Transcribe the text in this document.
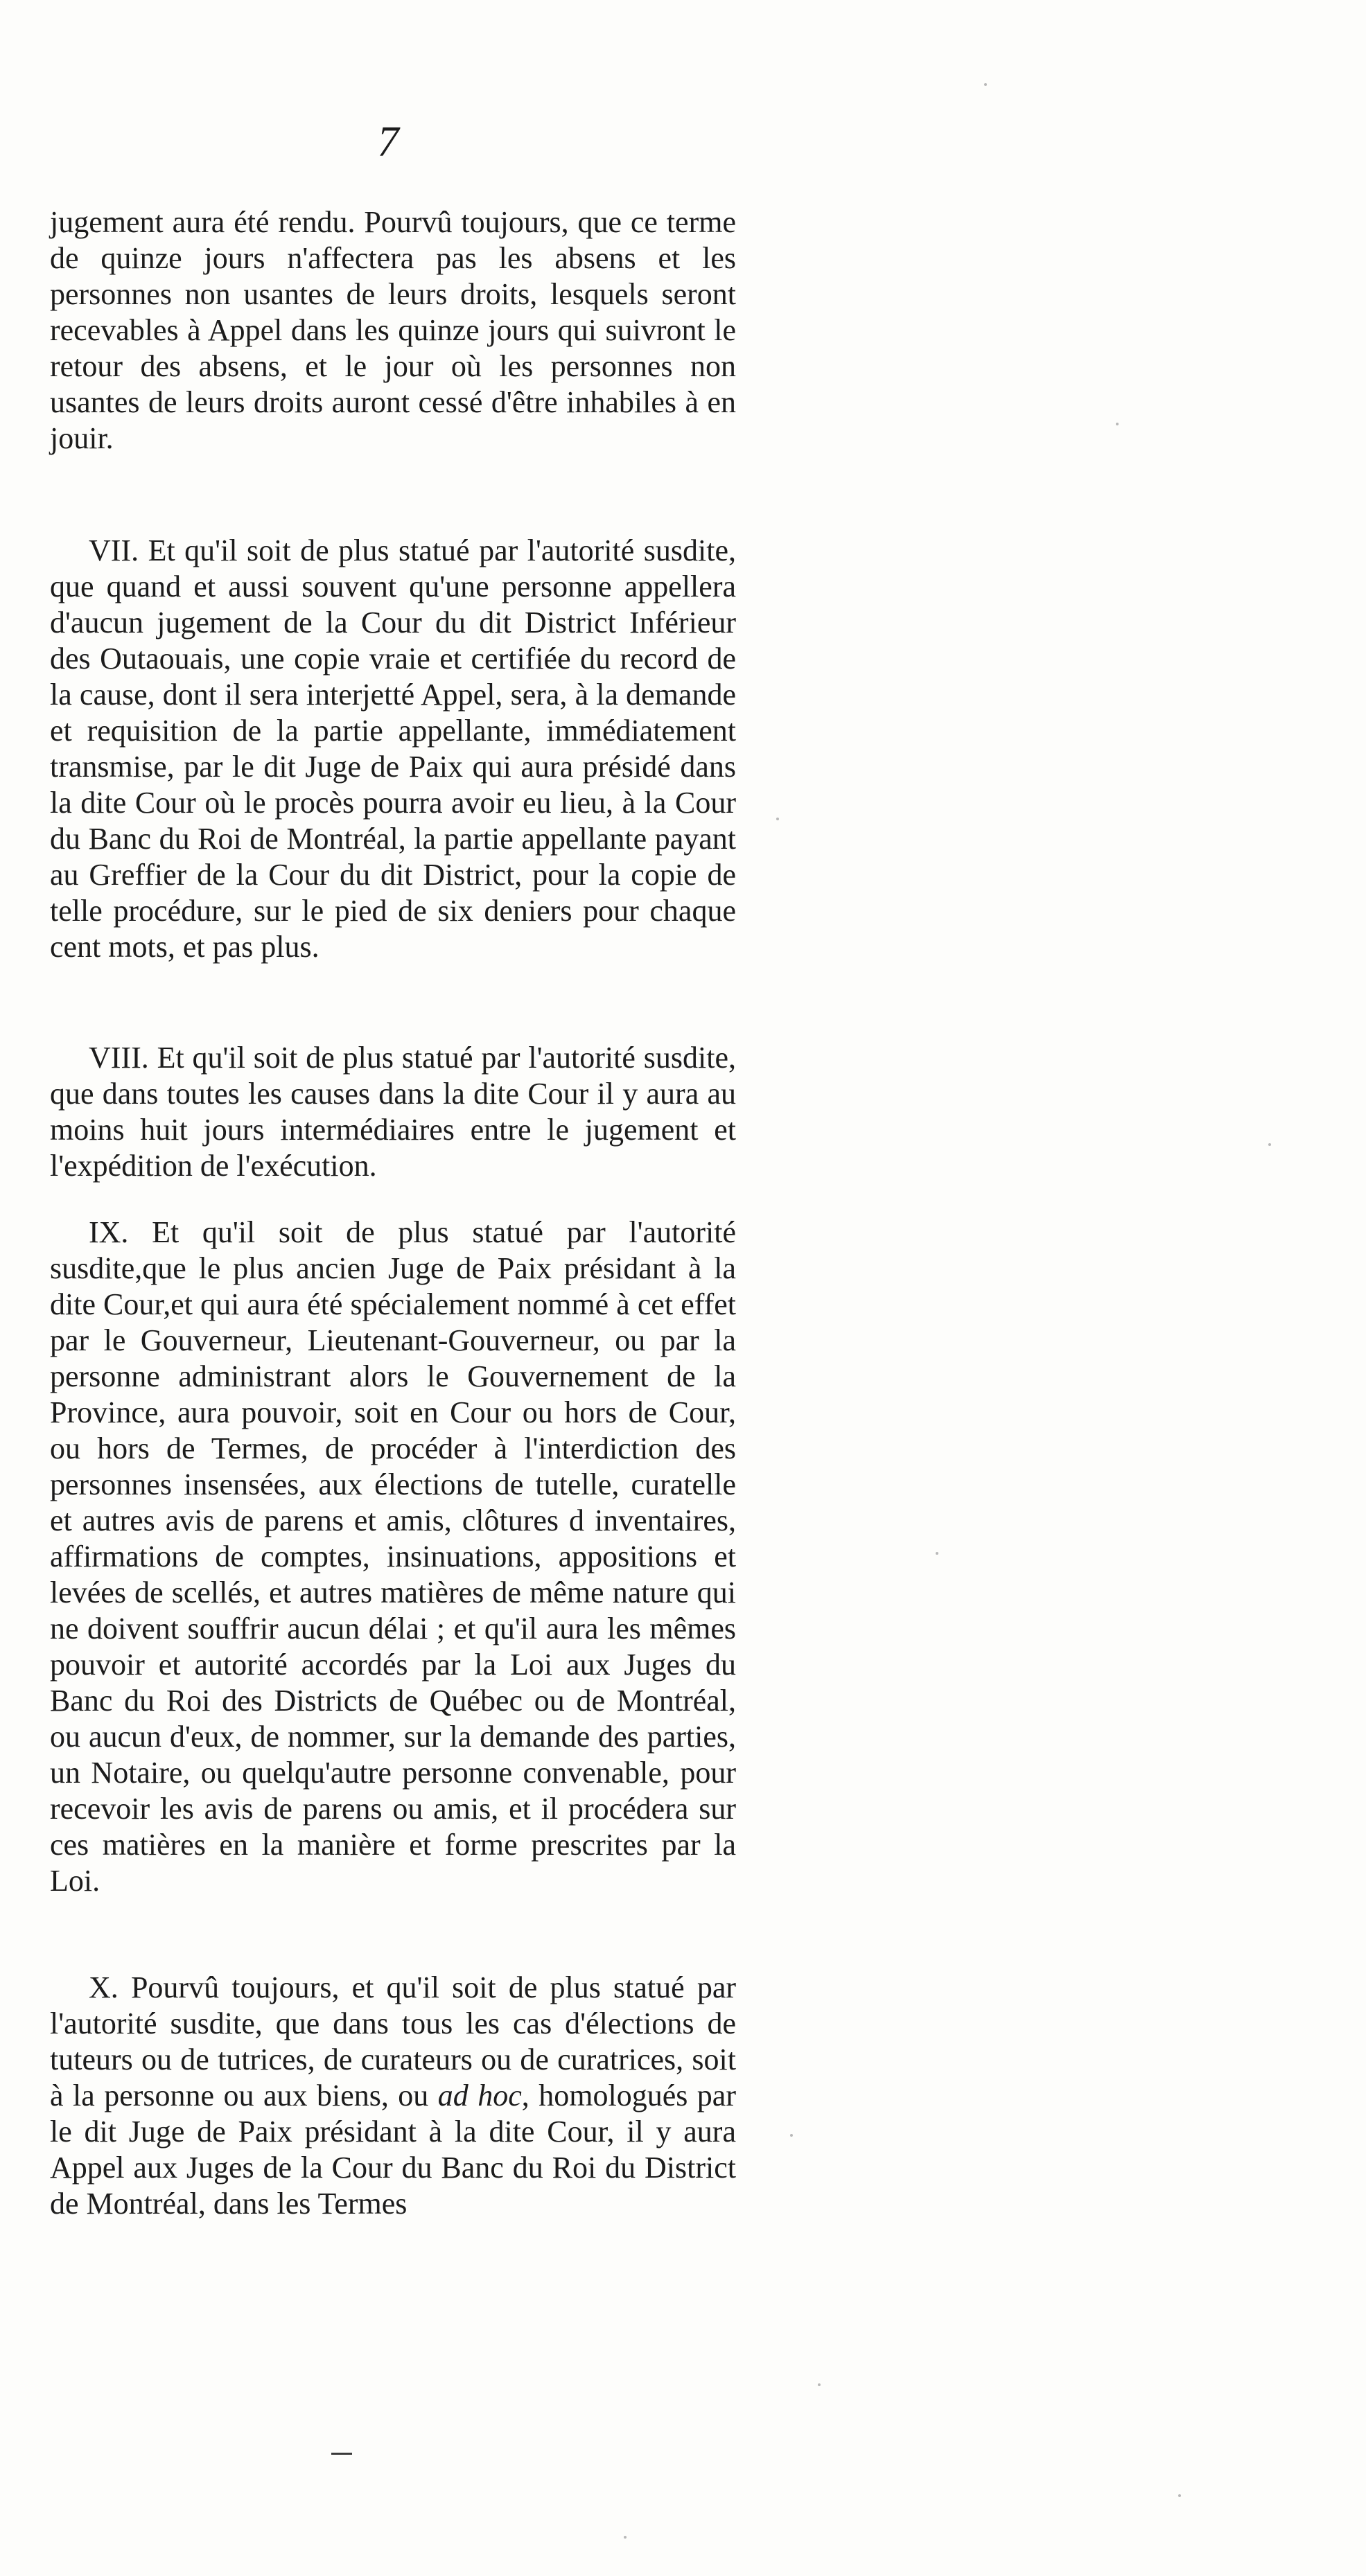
7

jugement aura été rendu. Pourvû toujours, que ce terme de quinze jours n'affectera pas les absens et les personnes non usantes de leurs droits, lesquels seront recevables à Appel dans les quinze jours qui suivront le retour des absens, et le jour où les personnes non usantes de leurs droits auront cessé d'être inhabiles à en jouir.

VII. Et qu'il soit de plus statué par l'autorité susdite, que quand et aussi souvent qu'une personne appellera d'aucun jugement de la Cour du dit District Inférieur des Outaouais, une copie vraie et certifiée du record de la cause, dont il sera interjetté Appel, sera, à la demande et requisition de la partie appellante, immédiatement transmise, par le dit Juge de Paix qui aura présidé dans la dite Cour où le procès pourra avoir eu lieu, à la Cour du Banc du Roi de Montréal, la partie appellante payant au Greffier de la Cour du dit District, pour la copie de telle procédure, sur le pied de six deniers pour chaque cent mots, et pas plus.

VIII. Et qu'il soit de plus statué par l'autorité susdite, que dans toutes les causes dans la dite Cour il y aura au moins huit jours intermédiaires entre le jugement et l'expédition de l'exécution.

IX. Et qu'il soit de plus statué par l'autorité susdite,que le plus ancien Juge de Paix présidant à la dite Cour,et qui aura été spécialement nommé à cet effet par le Gouverneur, Lieutenant-Gouverneur, ou par la personne administrant alors le Gouvernement de la Province, aura pouvoir, soit en Cour ou hors de Cour, ou hors de Termes, de procéder à l'interdiction des personnes insensées, aux élections de tutelle, curatelle et autres avis de parens et amis, clôtures d inventaires, affirmations de comptes, insinuations, appositions et levées de scellés, et autres matières de même nature qui ne doivent souffrir aucun délai ; et qu'il aura les mêmes pouvoir et autorité accordés par la Loi aux Juges du Banc du Roi des Districts de Québec ou de Montréal, ou aucun d'eux, de nommer, sur la demande des parties, un Notaire, ou quelqu'autre personne convenable, pour recevoir les avis de parens ou amis, et il procédera sur ces matières en la manière et forme prescrites par la Loi.

X. Pourvû toujours, et qu'il soit de plus statué par l'autorité susdite, que dans tous les cas d'élections de tuteurs ou de tutrices, de curateurs ou de curatrices, soit à la personne ou aux biens, ou ad hoc, homologués par le dit Juge de Paix présidant à la dite Cour, il y aura Appel aux Juges de la Cour du Banc du Roi du District de Montréal, dans les Termes
